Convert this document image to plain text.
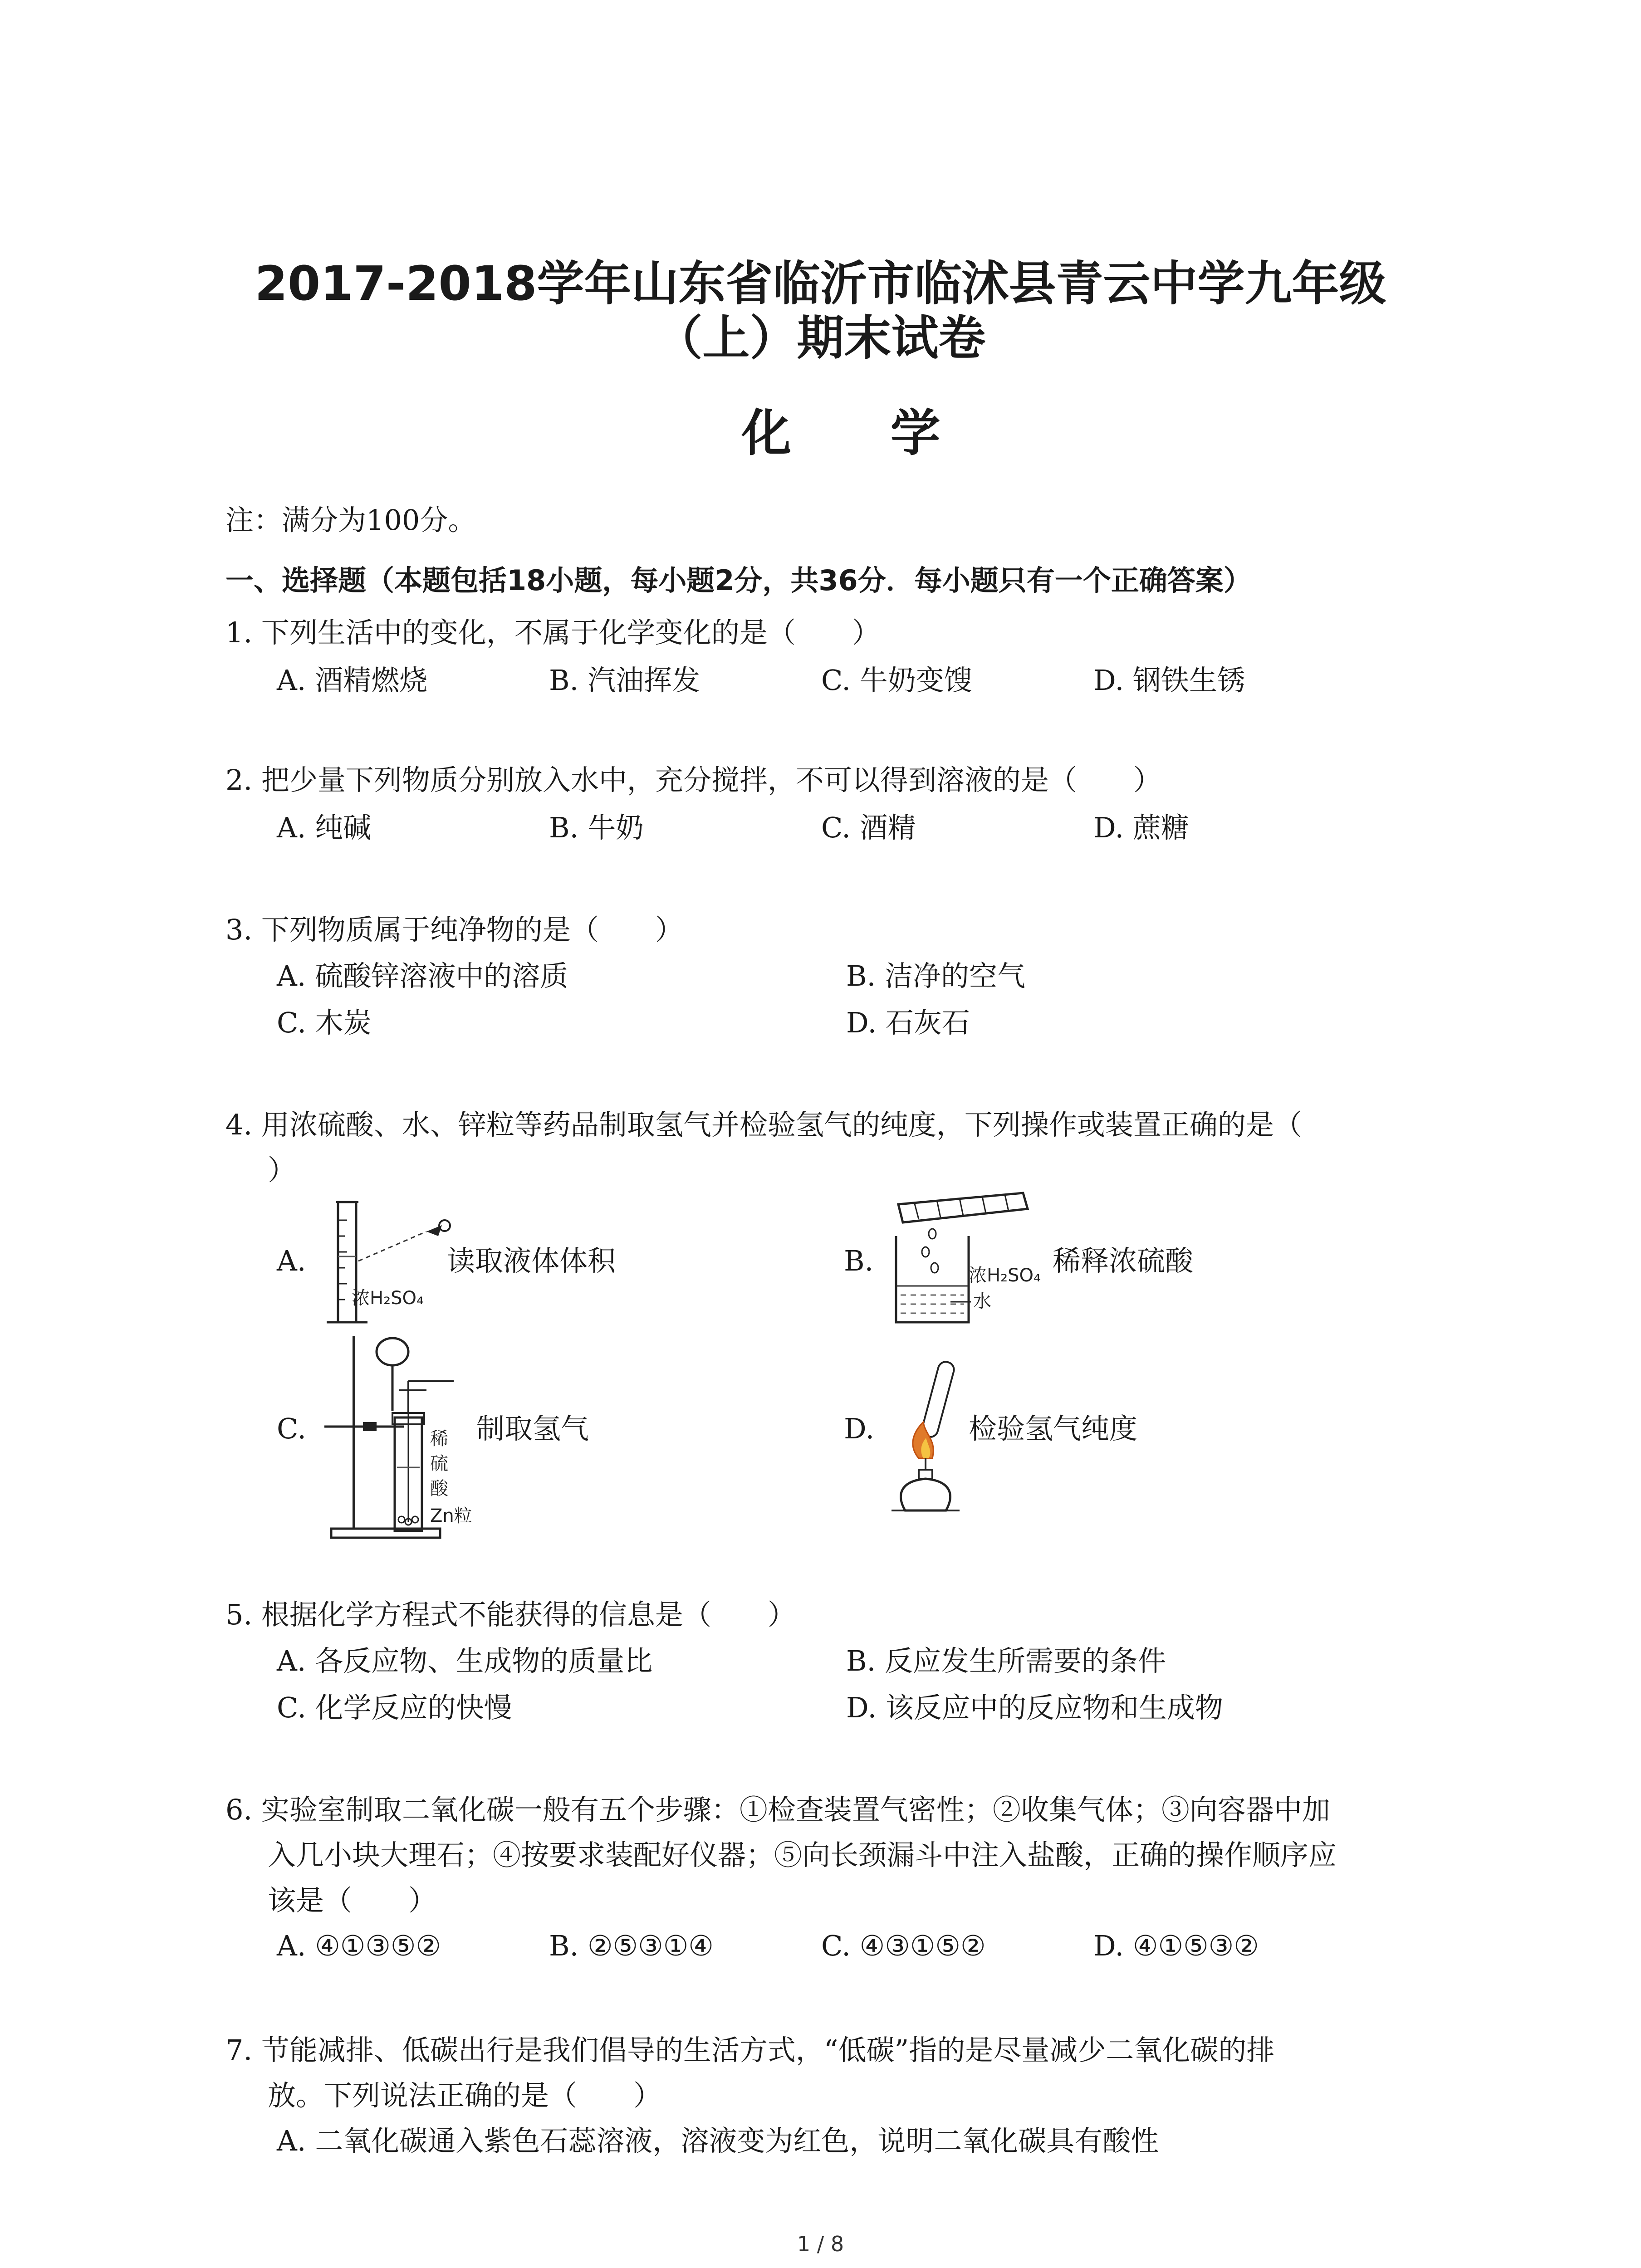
2017-2018学年山东省临沂市临沭县青云中学九年级
（上）期末试卷
化 学
注：满分为100分。
一、选择题（本题包括18小题，每小题2分，共36分．每小题只有一个正确答案）
1. 下列生活中的变化，不属于化学变化的是（　　）
A. 酒精燃烧	B. 汽油挥发	C. 牛奶变馊	D. 钢铁生锈
2. 把少量下列物质分别放入水中，充分搅拌，不可以得到溶液的是（　　）
A. 纯碱	B. 牛奶	C. 酒精	D. 蔗糖
3. 下列物质属于纯净物的是（　　）
A. 硫酸锌溶液中的溶质	B. 洁净的空气
C. 木炭	D. 石灰石
4. 用浓硫酸、水、锌粒等药品制取氢气并检验氢气的纯度，下列操作或装置正确的是（
）
A.
浓H₂SO₄
读取液体体积	B.	浓H₂SO₄
水
稀释浓硫酸
C.	稀
硫
酸
Zn粒
制取氢气	D.	检验氢气纯度
5. 根据化学方程式不能获得的信息是（　　）
A. 各反应物、生成物的质量比	B. 反应发生所需要的条件
C. 化学反应的快慢	D. 该反应中的反应物和生成物
6. 实验室制取二氧化碳一般有五个步骤：①检查装置气密性；②收集气体；③向容器中加
入几小块大理石；④按要求装配好仪器；⑤向长颈漏斗中注入盐酸，正确的操作顺序应
该是（　　）
A. ④①③⑤②	B. ②⑤③①④	C. ④③①⑤②	D. ④①⑤③②
7. 节能减排、低碳出行是我们倡导的生活方式，“低碳”指的是尽量减少二氧化碳的排
放。下列说法正确的是（　　）
A. 二氧化碳通入紫色石蕊溶液，溶液变为红色，说明二氧化碳具有酸性
1 / 8
